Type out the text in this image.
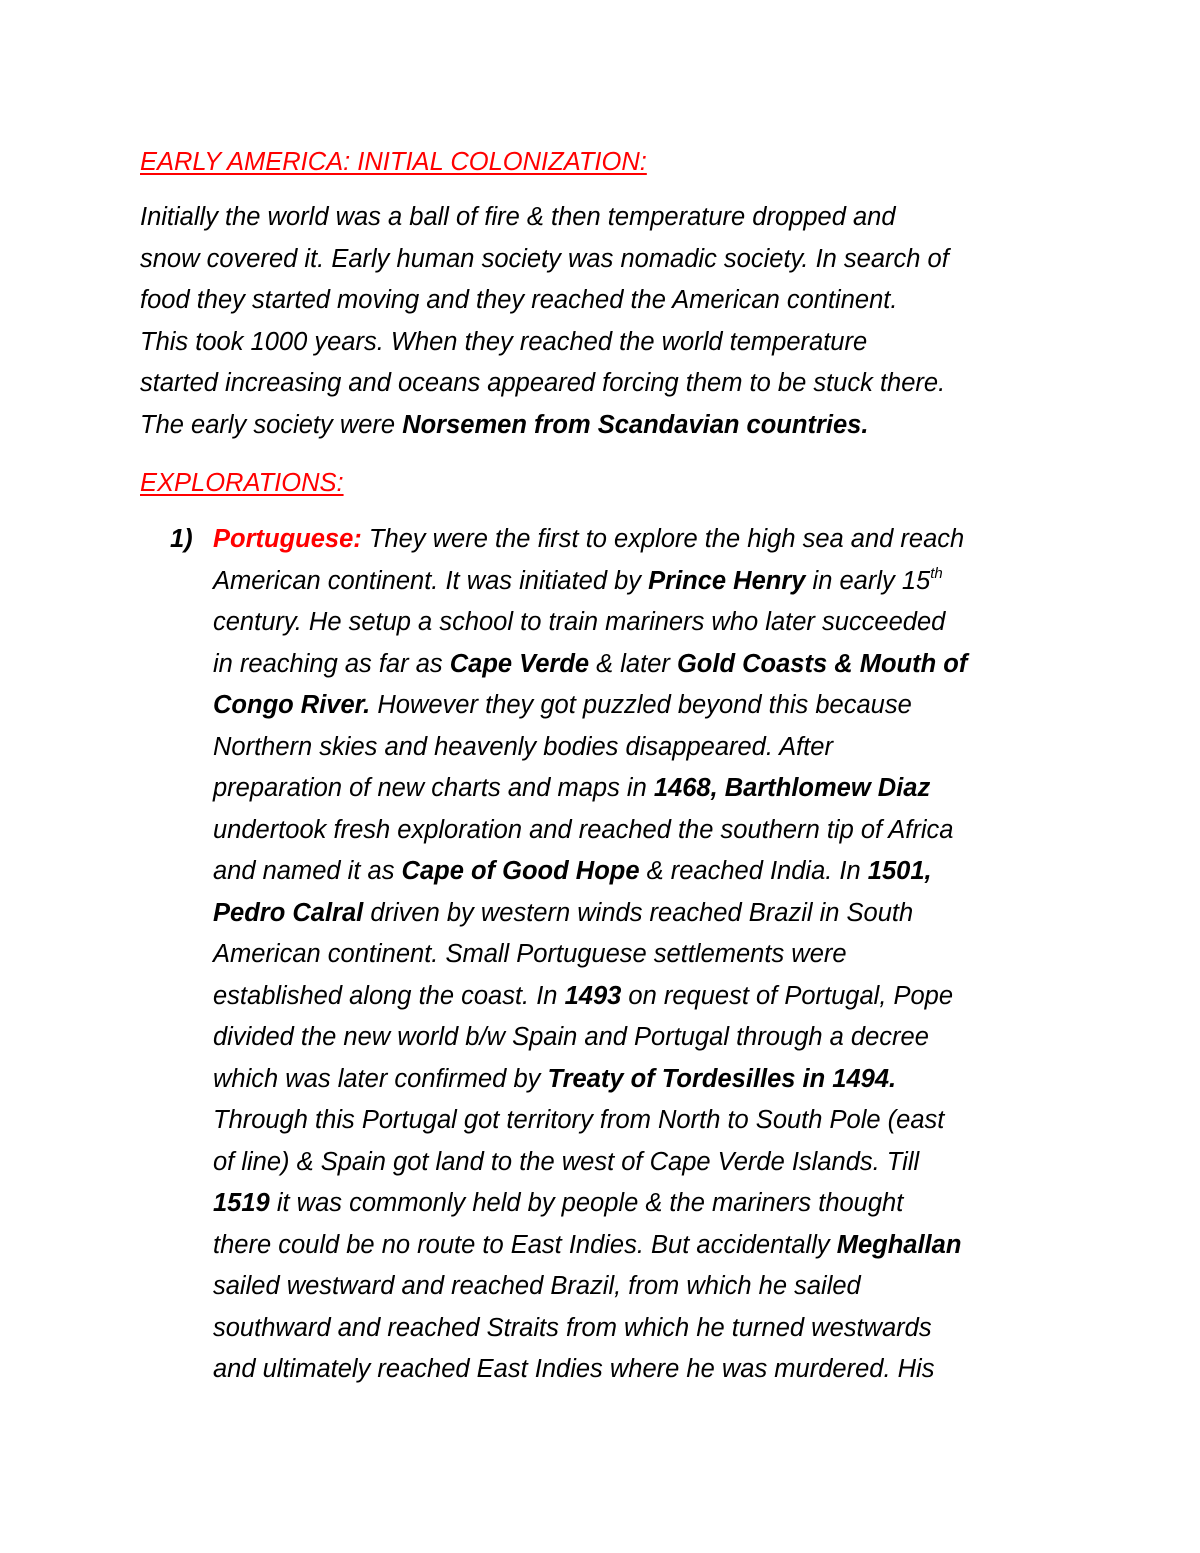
EARLY AMERICA: INITIAL COLONIZATION:
Initially the world was a ball of fire & then temperature dropped and
snow covered it. Early human society was nomadic society. In search of
food they started moving and they reached the American continent.
This took 1000 years. When they reached the world temperature
started increasing and oceans appeared forcing them to be stuck there.
The early society were Norsemen from Scandavian countries.
EXPLORATIONS:
1) Portuguese: They were the first to explore the high sea and reach
American continent. It was initiated by Prince Henry in early 15th
century. He setup a school to train mariners who later succeeded
in reaching as far as Cape Verde & later Gold Coasts & Mouth of
Congo River. However they got puzzled beyond this because
Northern skies and heavenly bodies disappeared. After
preparation of new charts and maps in 1468, Barthlomew Diaz
undertook fresh exploration and reached the southern tip of Africa
and named it as Cape of Good Hope & reached India. In 1501,
Pedro Calral driven by western winds reached Brazil in South
American continent. Small Portuguese settlements were
established along the coast. In 1493 on request of Portugal, Pope
divided the new world b/w Spain and Portugal through a decree
which was later confirmed by Treaty of Tordesilles in 1494.
Through this Portugal got territory from North to South Pole (east
of line) & Spain got land to the west of Cape Verde Islands. Till
1519 it was commonly held by people & the mariners thought
there could be no route to East Indies. But accidentally Meghallan
sailed westward and reached Brazil, from which he sailed
southward and reached Straits from which he turned westwards
and ultimately reached East Indies where he was murdered. His
